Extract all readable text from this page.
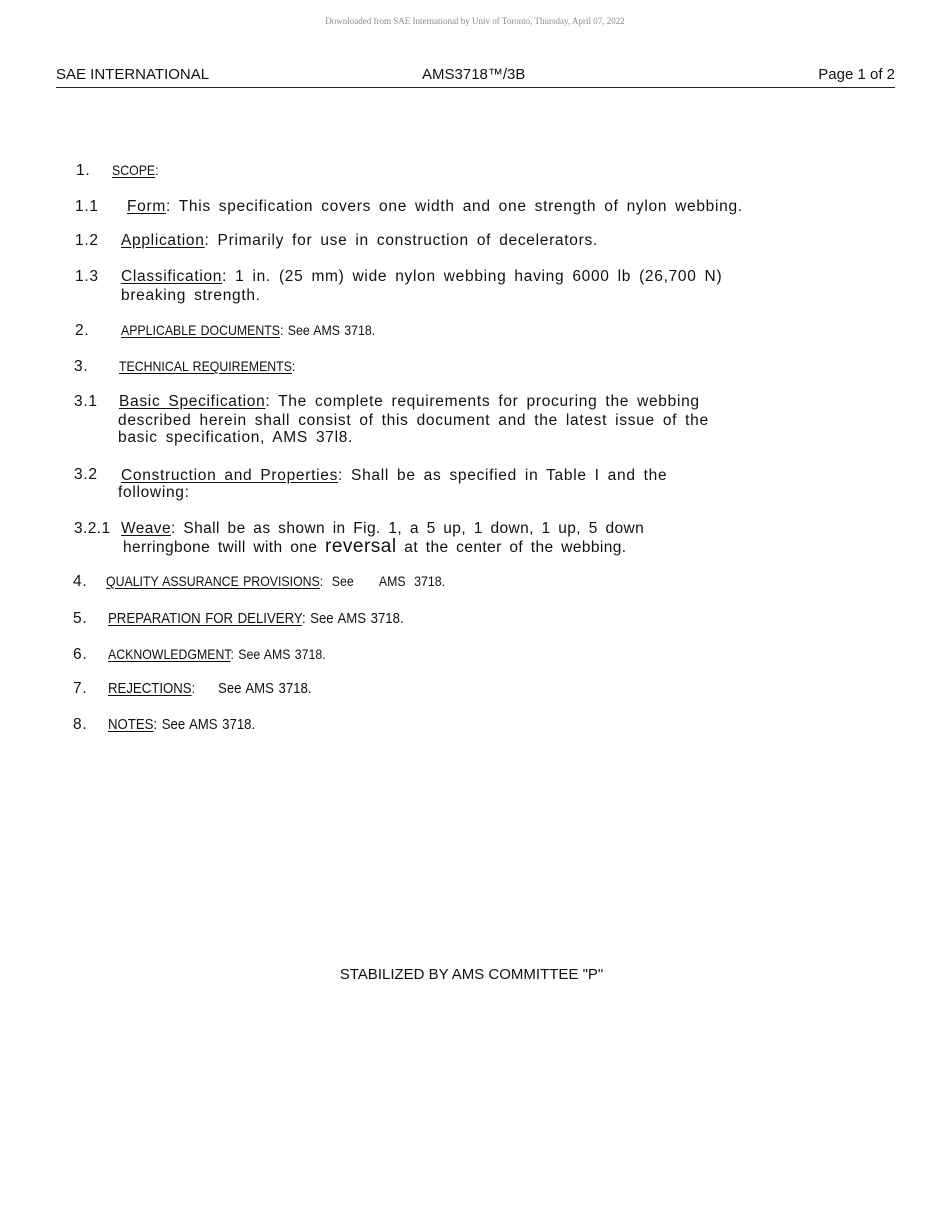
Downloaded from SAE International by Univ of Toronto, Thursday, April 07, 2022
SAE INTERNATIONAL	AMS3718™/3B	Page 1 of 2
1. SCOPE:
1.1 Form: This specification covers one width and one strength of nylon webbing.
1.2 Application: Primarily for use in construction of decelerators.
1.3 Classification: 1 in. (25 mm) wide nylon webbing having 6000 lb (26,700 N)
breaking strength.
2. APPLICABLE DOCUMENTS: See AMS 3718.
3. TECHNICAL REQUIREMENTS:
3.1 Basic Specification: The complete requirements for procuring the webbing
described herein shall consist of this document and the latest issue of the
basic specification, AMS 37l8.
3.2 Construction and Properties: Shall be as specified in Table I and the
following:
3.2.1 Weave: Shall be as shown in Fig. 1, a 5 up, 1 down, 1 up, 5 down
herringbone twill with one reversal at the center of the webbing.
4. QUALITY ASSURANCE PROVISIONS:  See      AMS  3718.
5. PREPARATION FOR DELIVERY: See AMS 3718.
6. ACKNOWLEDGMENT: See AMS 3718.
7. REJECTIONS:     See AMS 3718.
8. NOTES: See AMS 3718.
STABILIZED BY AMS COMMITTEE "P"
